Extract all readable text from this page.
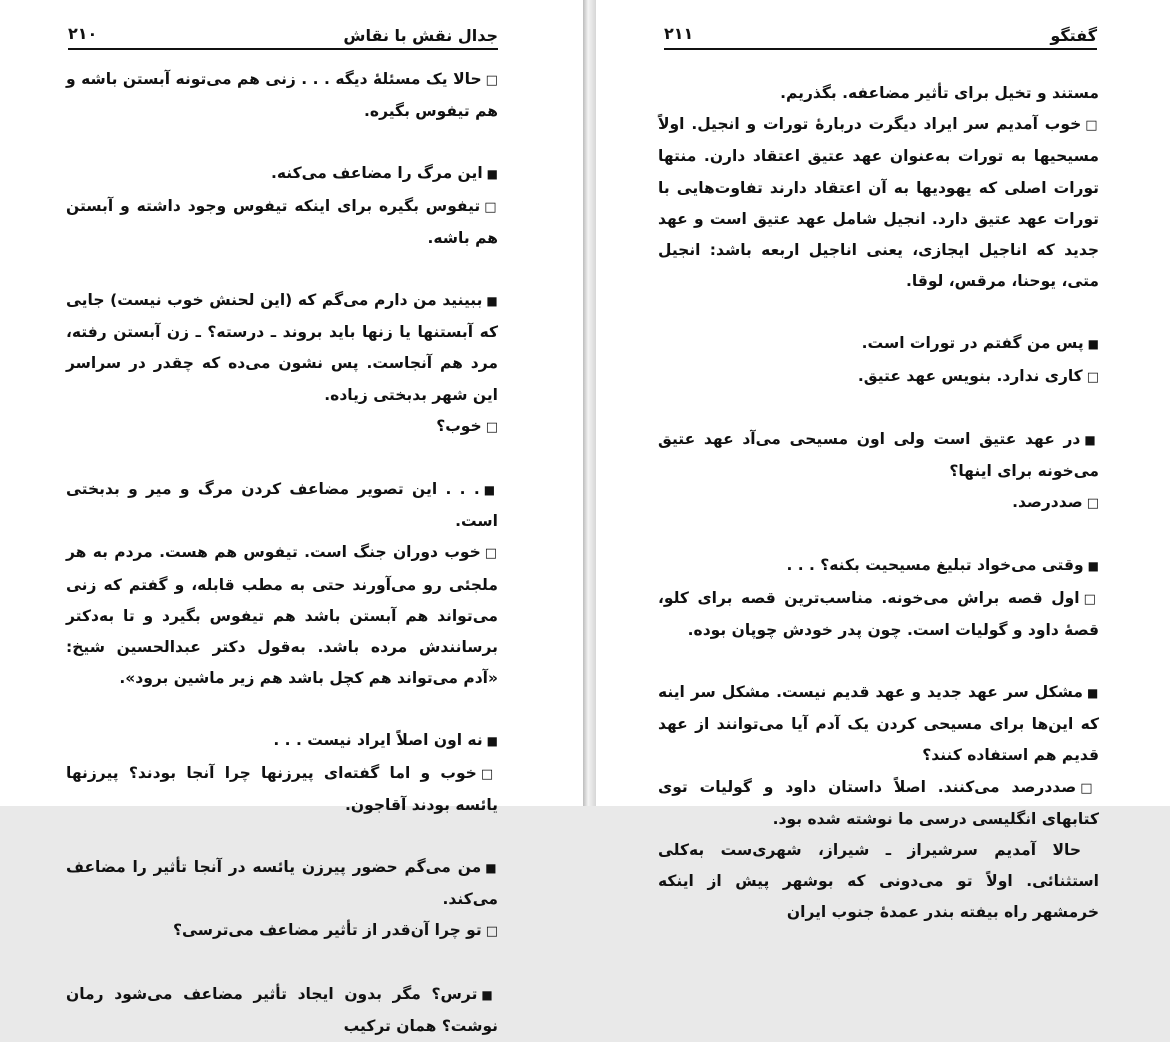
جدال نقش با نقاش
۲۱۰

□حالا یک مسئلهٔ دیگه . . . زنی هم می‌تونه آبستن باشه و هم تیفوس بگیره.

■این مرگ را مضاعف می‌کنه.

□تیفوس بگیره برای اینکه تیفوس وجود داشته و آبستن هم باشه.

■ببینید من دارم می‌گم که (این لحنش خوب نیست) جایی که آبستنها یا زنها باید بروند ـ درسته؟ ـ زن آبستن رفته، مرد هم آنجاست. پس نشون می‌ده که چقدر در سراسر این شهر بدبختی زیاده.

□خوب؟

■. . . این تصویر مضاعف کردن مرگ و میر و بدبختی است.

□خوب دوران جنگ است. تیفوس هم هست. مردم به هر ملجئی رو می‌آورند حتی به مطب قابله، و گفتم که زنی می‌تواند هم آبستن باشد هم تیفوس بگیرد و تا به‌دکتر برسانندش مرده باشد. به‌قول دکتر عبدالحسین شیخ: «آدم می‌تواند هم کچل باشد هم زیر ماشین برود».

■نه اون اصلاً ایراد نیست . . .

□خوب و اما گفته‌ای پیرزنها چرا آنجا بودند؟ پیرزنها یائسه بودند آقاجون.

■من می‌گم حضور پیرزن یائسه در آنجا تأثیر را مضاعف می‌کند.

□تو چرا آن‌قدر از تأثیر مضاعف می‌ترسی؟

■ترس؟ مگر بدون ایجاد تأثیر مضاعف می‌شود رمان نوشت؟ همان ترکیب

گفتگو
۲۱۱

مستند و تخیل برای تأثیر مضاعفه. بگذریم.

□خوب آمدیم سر ایراد دیگرت دربارهٔ تورات و انجیل. اولاً مسیحیها به تورات به‌عنوان عهد عتیق اعتقاد دارن. منتها تورات اصلی که یهودیها به آن اعتقاد دارند تفاوت‌هایی با تورات عهد عتیق دارد. انجیل شامل عهد عتیق است و عهد جدید که اناجیل ایجازی، یعنی اناجیل اربعه باشد: انجیل متی، یوحنا، مرقس، لوقا.

■پس من گفتم در تورات است.

□کاری ندارد. بنویس عهد عتیق.

■در عهد عتیق است ولی اون مسیحی می‌آد عهد عتیق می‌خونه برای اینها؟

□صددرصد.

■وقتی می‌خواد تبلیغ مسیحیت بکنه؟ . . .

□اول قصه براش می‌خونه. مناسب‌ترین قصه برای کلو، قصهٔ داود و گولیات است. چون پدر خودش چوپان بوده.

■مشکل سر عهد جدید و عهد قدیم نیست. مشکل سر اینه که این‌ها برای مسیحی کردن یک آدم آیا می‌توانند از عهد قدیم هم استفاده کنند؟

□صددرصد می‌کنند. اصلاً داستان داود و گولیات توی کتابهای انگلیسی درسی ما نوشته شده بود.

حالا آمدیم سرشیراز ـ شیراز، شهری‌ست به‌کلی استثنائی. اولاً تو می‌دونی که بوشهر پیش از اینکه خرمشهر راه بیفته بندر عمدهٔ جنوب ایران
